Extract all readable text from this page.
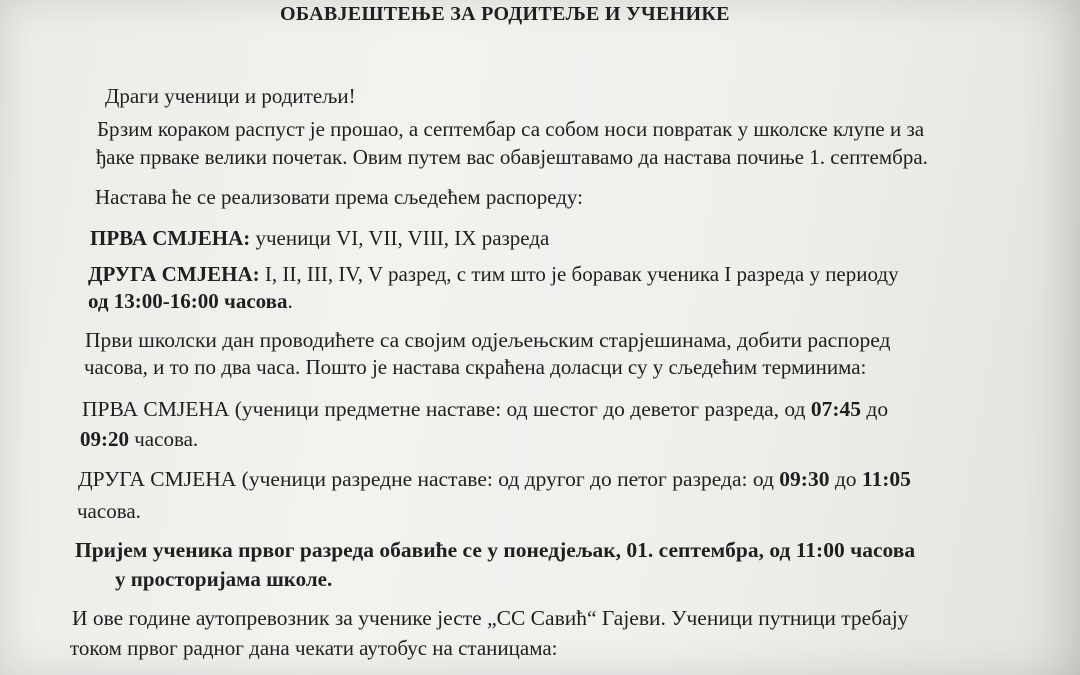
ОБАВЈЕШТЕЊЕ ЗА РОДИТЕЉЕ И УЧЕНИКЕ
Драги ученици и родитељи!
Брзим кораком распуст је прошао, а септембар са собом носи повратак у школске клупе и за
ђаке прваке велики почетак. Овим путем вас обавјештавамо да настава почиње 1. септембра.
Настава ће се реализовати према сљедећем распореду:
ПРВА СМЈЕНА: ученици VI, VII, VIII, IX разреда
ДРУГА СМЈЕНА: I, II, III, IV, V разред, с тим што је боравак ученика I разреда у периоду
од 13:00-16:00 часова.
Први школски дан проводићете са својим одјељењским старјешинама, добити распоред
часова, и то по два часа. Пошто је настава скраћена доласци су у сљедећим терминима:
ПРВА СМЈЕНА (ученици предметне наставе: од шестог до деветог разреда, од 07:45 до
09:20 часова.
ДРУГА СМЈЕНА (ученици разредне наставе: од другог до петог разреда: од 09:30 до 11:05
часова.
Пријем ученика првог разреда обавиће се у понедјељак, 01. септембра, од 11:00 часова
у просторијама школе.
И ове године аутопревозник за ученике јесте „СС Савић“ Гајеви. Ученици путници требају
током првог радног дана чекати аутобус на станицама:
